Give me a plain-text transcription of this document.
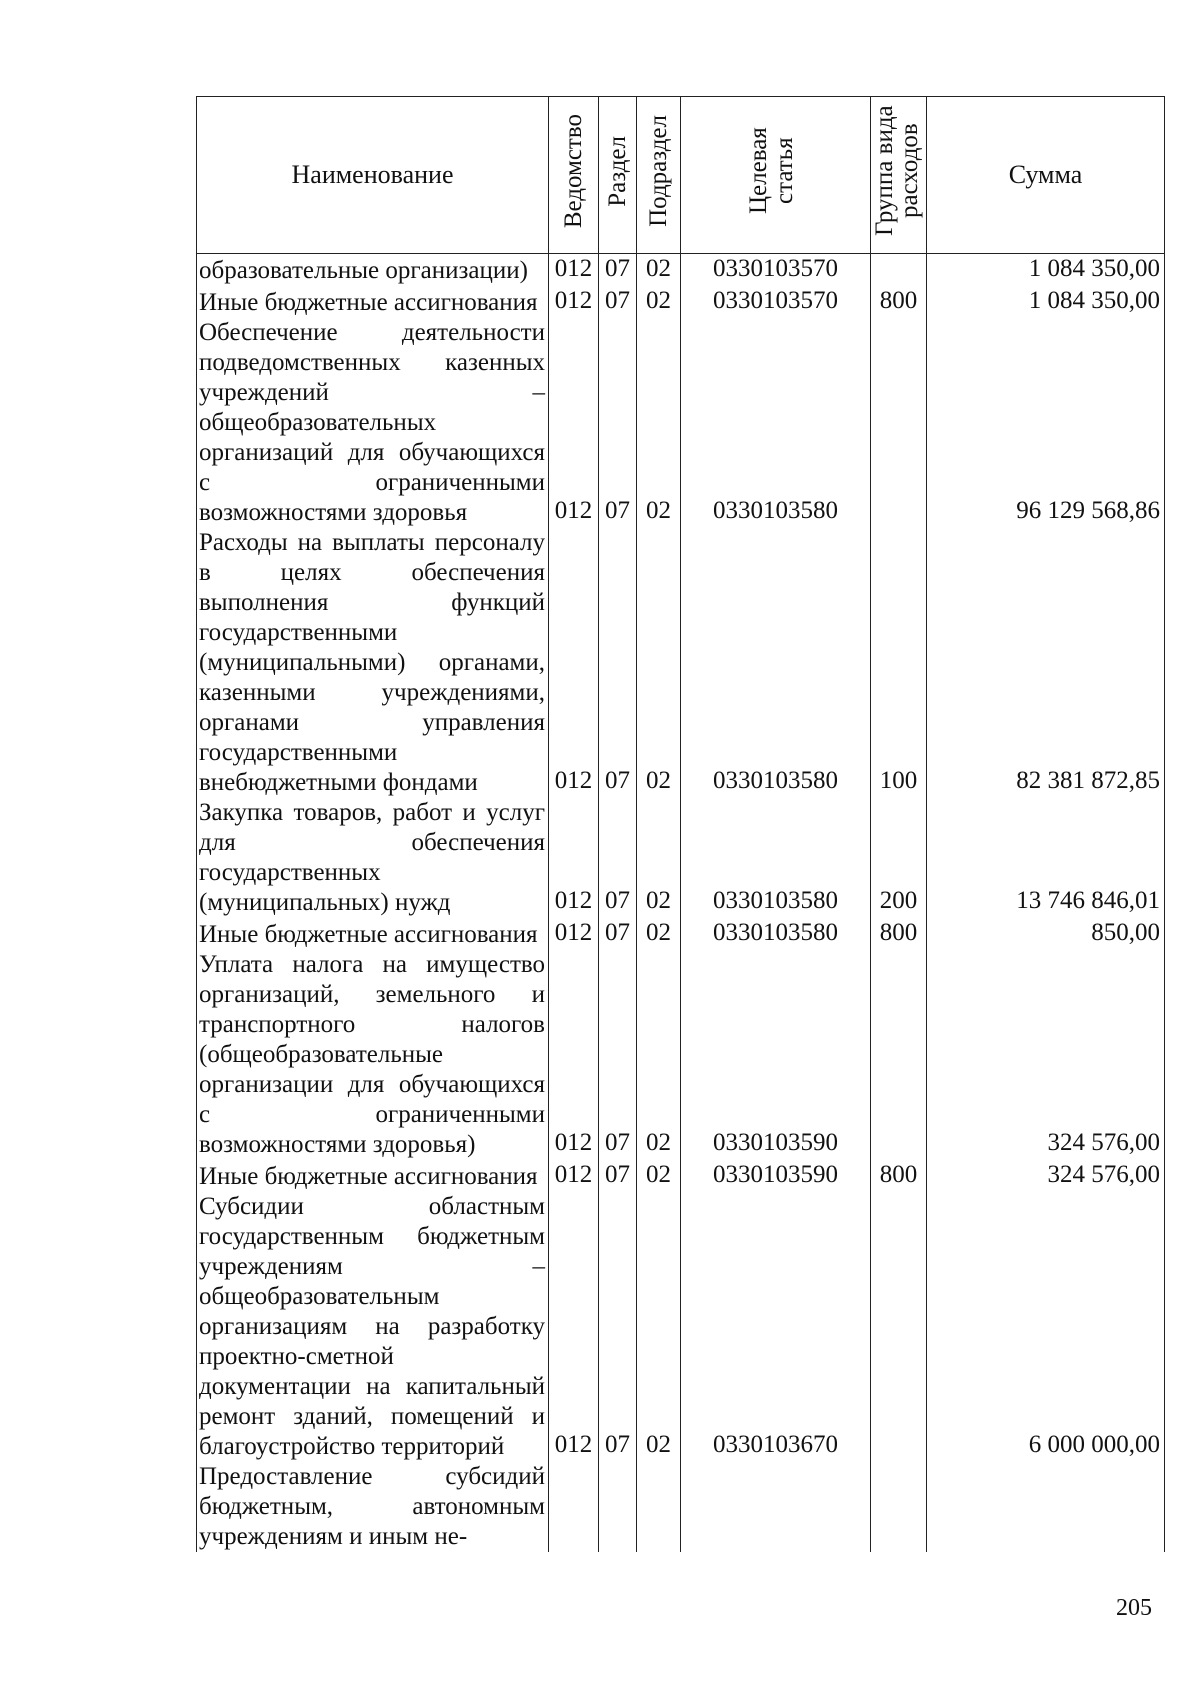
Наименование	Ведомство	Раздел	Подраздел	Целевая статья	Группа вида расходов	Сумма
образовательные организации)	012	07	02	0330103570		1 084 350,00
Иные бюджетные ассигнования	012	07	02	0330103570	800	1 084 350,00
Обеспечение деятельности подведомственных казенных учреждений – общеобразовательных организаций для обучающихся с ограниченными возможностями здоровья	012	07	02	0330103580		96 129 568,86
Расходы на выплаты персоналу в целях обеспечения выполнения функций государственными (муниципальными) органами, казенными учреждениями, органами управления государственными внебюджетными фондами	012	07	02	0330103580	100	82 381 872,85
Закупка товаров, работ и услуг для обеспечения государственных (муниципальных) нужд	012	07	02	0330103580	200	13 746 846,01
Иные бюджетные ассигнования	012	07	02	0330103580	800	850,00
Уплата налога на имущество организаций, земельного и транспортного налогов (общеобразовательные организации для обучающихся с ограниченными возможностями здоровья)	012	07	02	0330103590		324 576,00
Иные бюджетные ассигнования	012	07	02	0330103590	800	324 576,00
Субсидии областным государственным бюджетным учреждениям – общеобразовательным организациям на разработку проектно-сметной документации на капитальный ремонт зданий, помещений и благоустройство территорий	012	07	02	0330103670		6 000 000,00
Предоставление субсидий бюджетным, автономным учреждениям и иным не-						
205
